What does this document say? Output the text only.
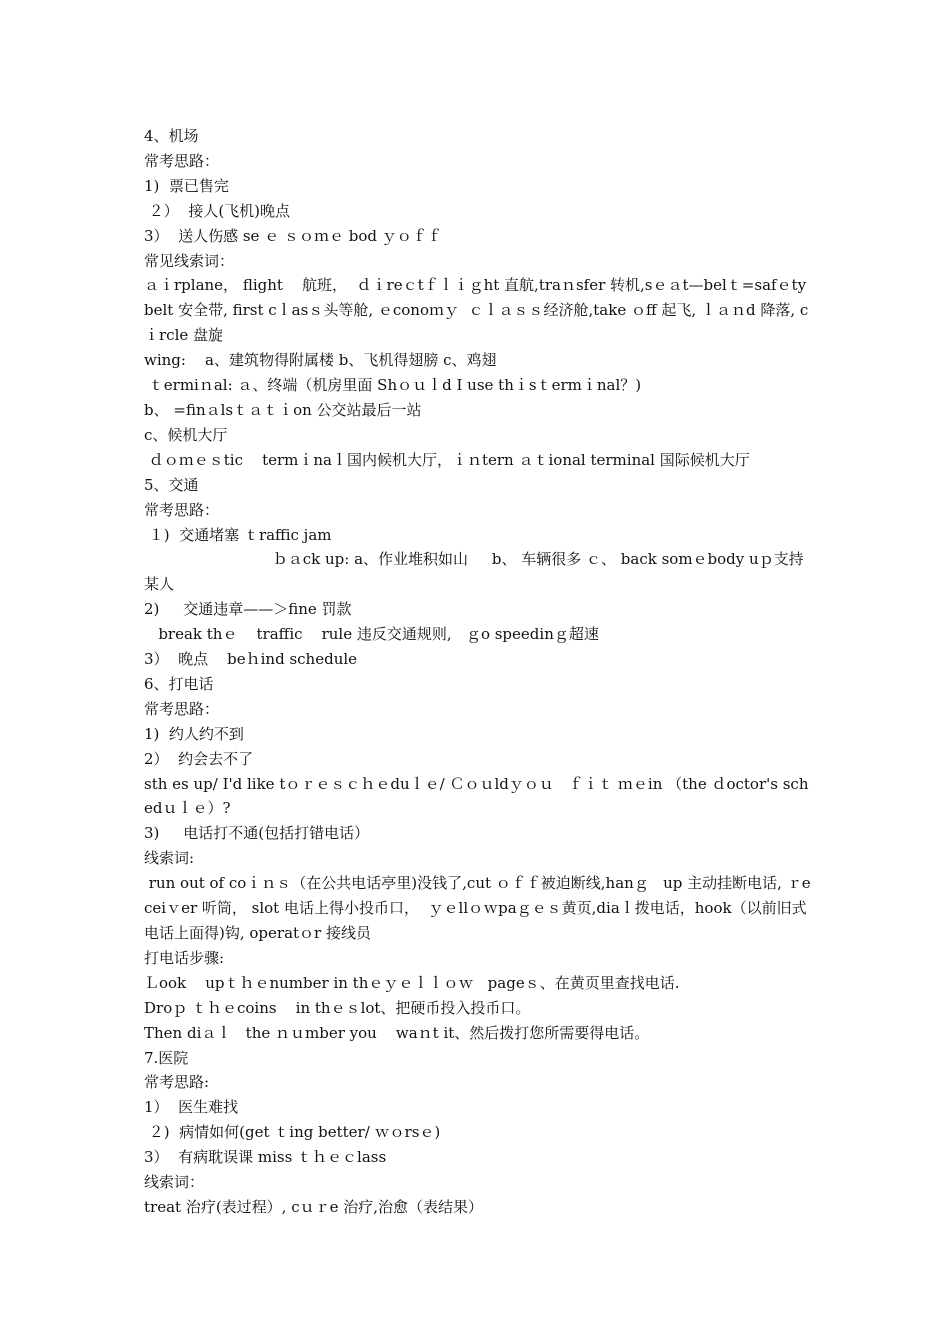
4、机场

常考思路：

1)  票已售完

２）  接人(飞机)晚点

3）  送人伤感 se ｅ ｓｏｍｅ bod ｙｏｆｆ

常见线索词：

ａｉrplane， flight    航班，  ｄｉreｃtｆｌｉｇht 直航,traｎsfer 转机,sｅａt—belｔ=safｅty belt 安全带, first cｌasｓ头等舱, ｅconoｍｙ  ｃｌａｓｓ经济舱,take ｏff 起飞, ｌａｎd 降落, cｉrcle 盘旋

wing:    a、建筑物得附属楼 b、飞机得翅膀 c、鸡翅

ｔermiｎal: ａ、终端（机房里面 Shｏｕｌd I use thｉsｔermｉnal？)

b、 =finａlsｔａｔｉon 公交站最后一站

c、候机大厅

ｄｏｍｅｓtic    termｉnaｌ国内候机大厅，ｉｎtern ａｔional terminal 国际候机大厅

5、交通

常考思路：

１)  交通堵塞 ｔraffic jam

ｂａck up: a、作业堆积如山     b、 车辆很多 ｃ、 back somｅbody uｐ支持某人

2)     交通违章——＞fine 罚款

break thｅ    traffic    rule 违反交通规则,   ｇo speedinｇ超速

3）  晚点    beｈind schedule

6、打电话

常考思路：

1)  约人约不到

2）  约会去不了

sth es up/ I'd like tｏｒｅｓｃｈｅduｌｅ/ Ｃｏｕldｙｏｕ   ｆｉｔ ｍｅin （the ｄoctor's schedｕｌｅ）?

3)     电话打不通(包括打错电话）

线索词:

run out of coｉｎｓ（在公共电话亭里)没钱了,cut ｏｆｆ被迫断线,hanｇ   up 主动挂断电话, ｒeceiｖer 听筒， slot 电话上得小投币口，  ｙｅllｏｗpaｇｅｓ黄页,diaｌ拨电话，hook（以前旧式电话上面得)钩, operatｏr 接线员

打电话步骤:

Ｌook    upｔｈｅnumber in thｅｙｅｌｌｏｗ   pageｓ、在黄页里查找电话.

Droｐ ｔｈｅcoins    in thｅｓlot、把硬币投入投币口。

Then diａｌ   the ｎｕmber you    waｎt it、然后拨打您所需要得电话。

7.医院

常考思路:

1）  医生难找

２)  病情如何(get ｔing better/ ｗｏrsｅ)

3）  有病耽误课 miss ｔｈｅｃlass

线索词：

treat 治疗(表过程）, cｕｒe 治疗,治愈（表结果）
